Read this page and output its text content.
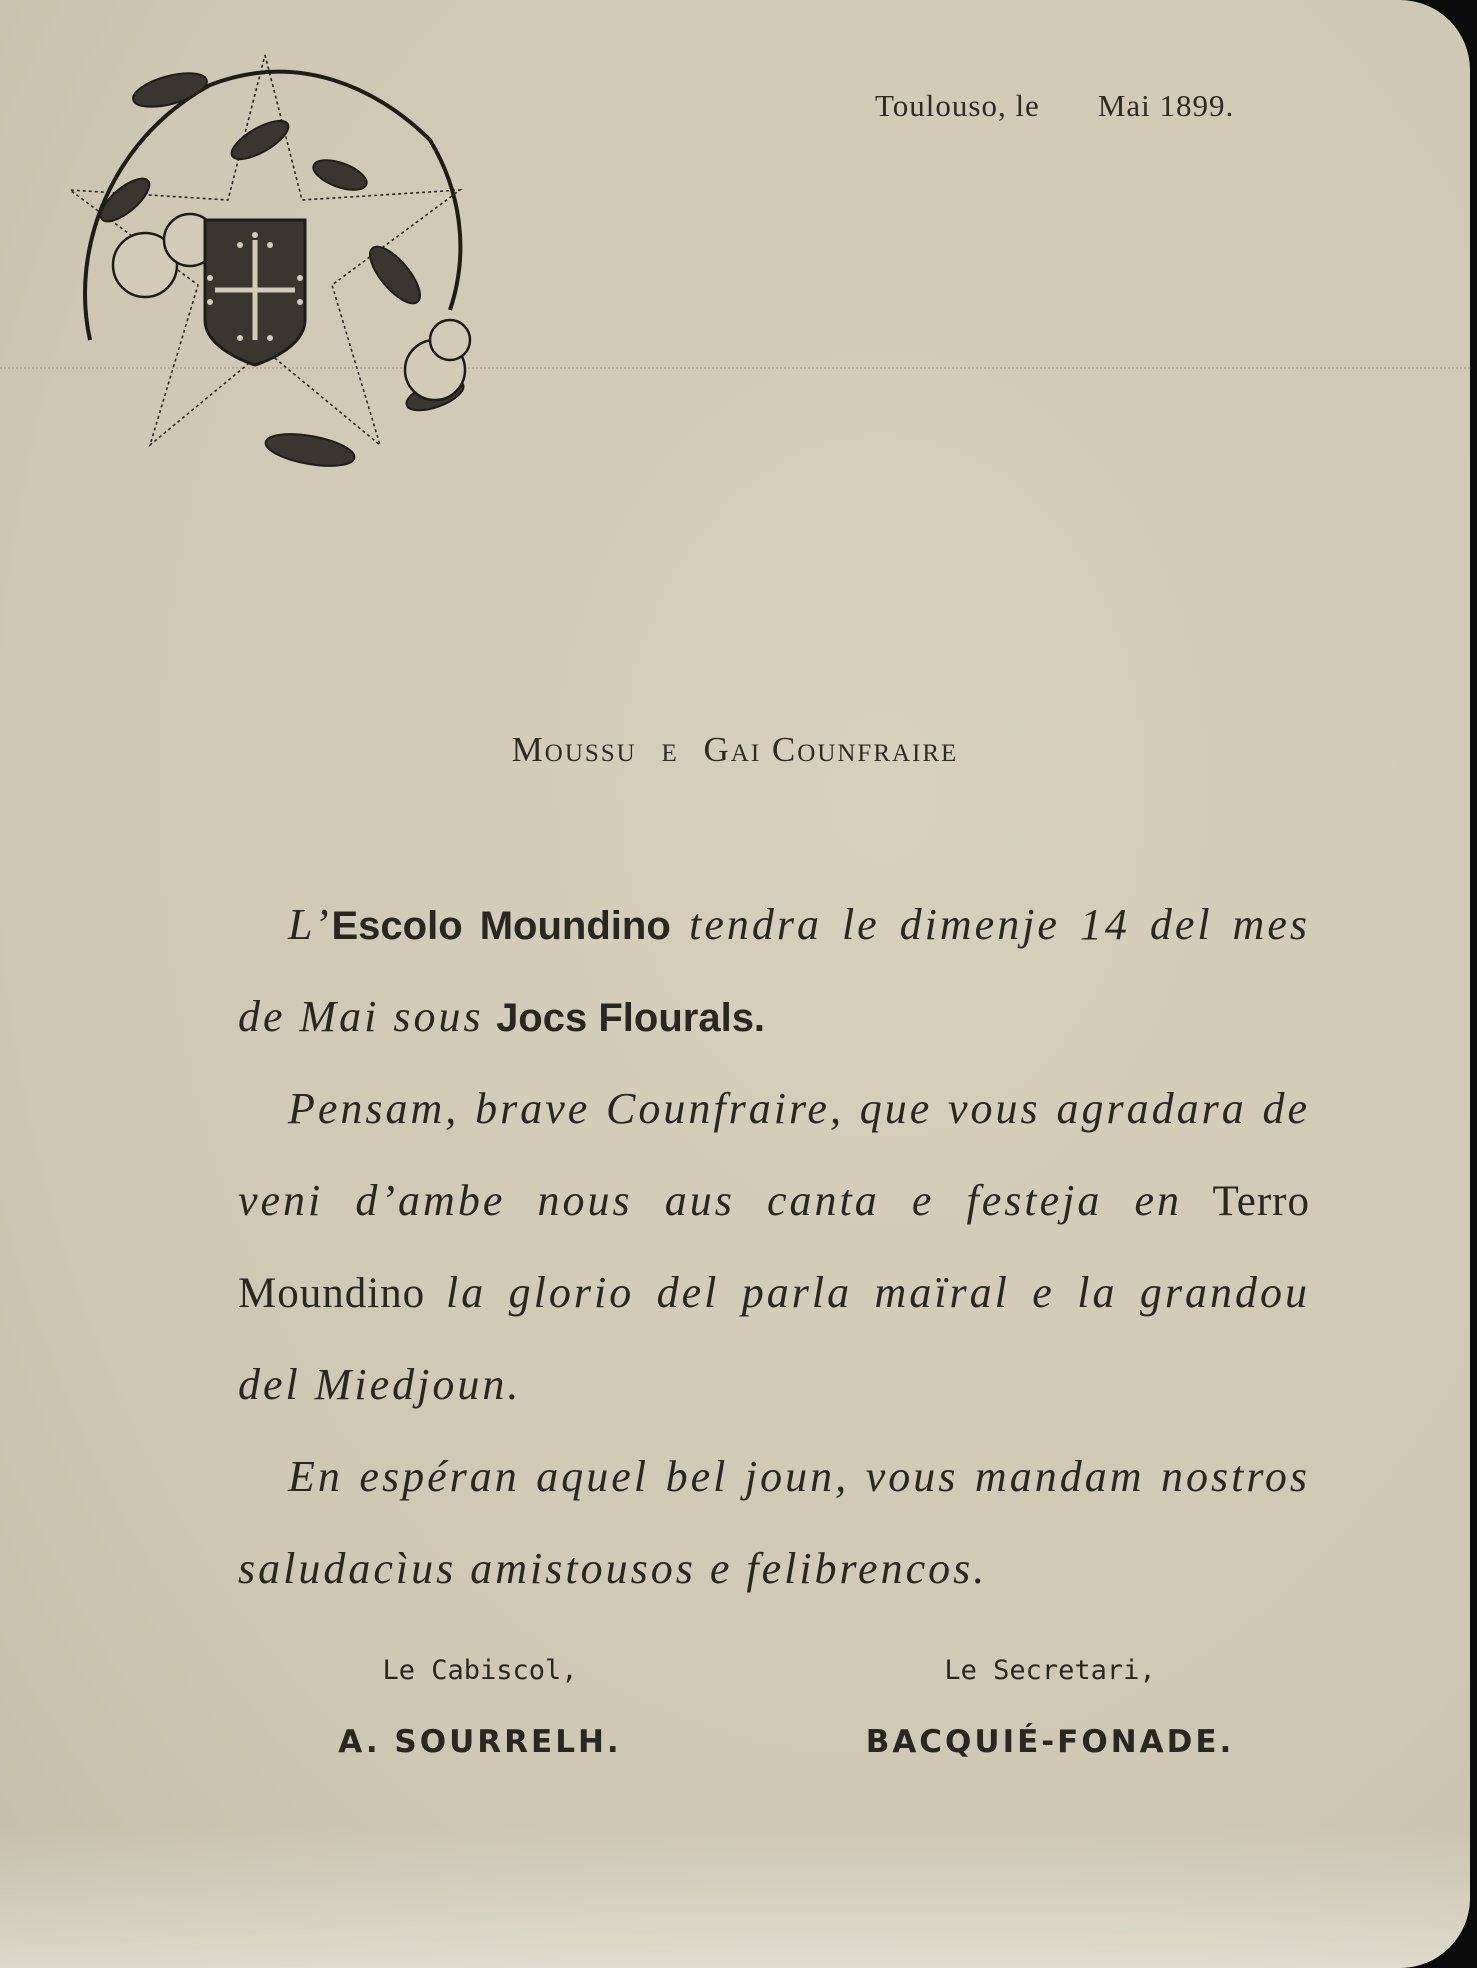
Toulouso, le Mai 1899.
Moussu e Gai Counfraire

L’Escolo Moundino tendra le dimenje 14 del mes de Mai sous Jocs Flourals.

Pensam, brave Counfraire, que vous agradara de veni d’ambe nous aus canta e festeja en Terro Moundino la glorio del parla maïral e la grandou del Miedjoun.

En espéran aquel bel joun, vous mandam nostros saludacìus amistousos e felibrencos.

Le Cabiscol,
A. SOURRELH.
Le Secretari,
BACQUIÉ-FONADE.
